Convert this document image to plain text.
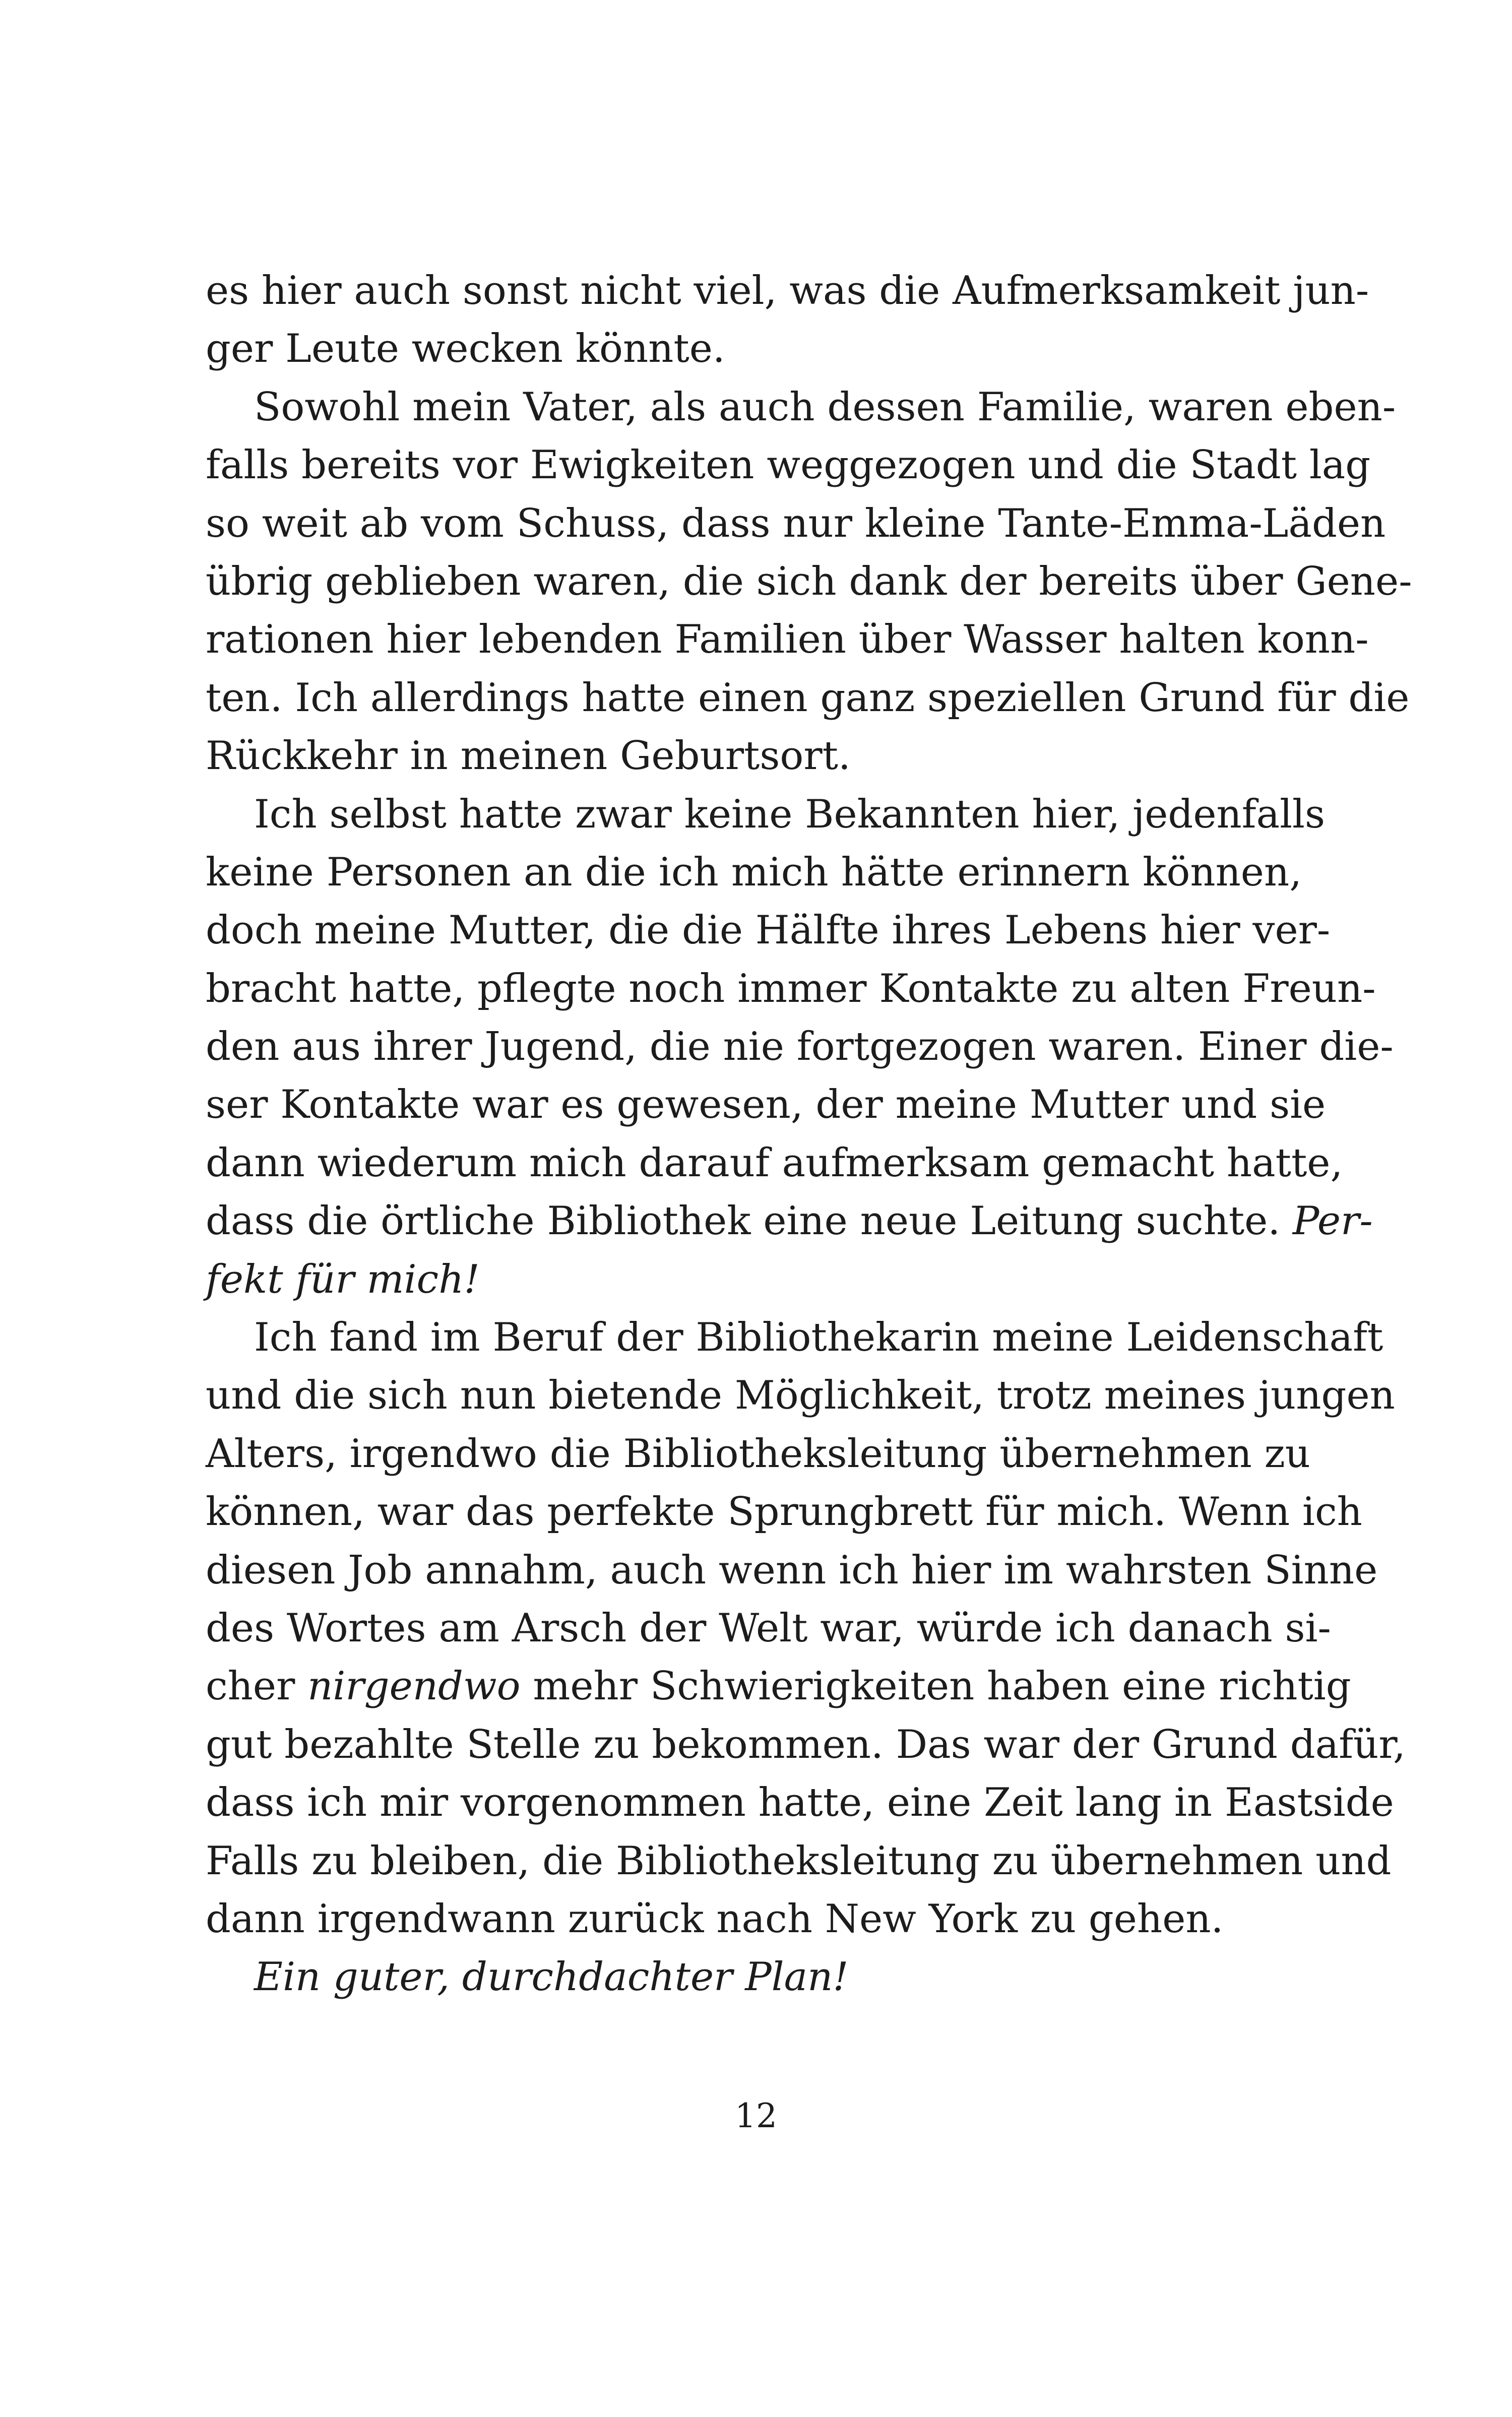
es hier auch sonst nicht viel, was die Aufmerksamkeit jun-
ger Leute wecken könnte.
Sowohl mein Vater, als auch dessen Familie, waren eben-
falls bereits vor Ewigkeiten weggezogen und die Stadt lag
so weit ab vom Schuss, dass nur kleine Tante-Emma-Läden
übrig geblieben waren, die sich dank der bereits über Gene-
rationen hier lebenden Familien über Wasser halten konn-
ten. Ich allerdings hatte einen ganz speziellen Grund für die
Rückkehr in meinen Geburtsort.
Ich selbst hatte zwar keine Bekannten hier, jedenfalls
keine Personen an die ich mich hätte erinnern können,
doch meine Mutter, die die Hälfte ihres Lebens hier ver-
bracht hatte, pflegte noch immer Kontakte zu alten Freun-
den aus ihrer Jugend, die nie fortgezogen waren. Einer die-
ser Kontakte war es gewesen, der meine Mutter und sie
dann wiederum mich darauf aufmerksam gemacht hatte,
dass die örtliche Bibliothek eine neue Leitung suchte. Per-
fekt für mich!
Ich fand im Beruf der Bibliothekarin meine Leidenschaft
und die sich nun bietende Möglichkeit, trotz meines jungen
Alters, irgendwo die Bibliotheksleitung übernehmen zu
können, war das perfekte Sprungbrett für mich. Wenn ich
diesen Job annahm, auch wenn ich hier im wahrsten Sinne
des Wortes am Arsch der Welt war, würde ich danach si-
cher nirgendwo mehr Schwierigkeiten haben eine richtig
gut bezahlte Stelle zu bekommen. Das war der Grund dafür,
dass ich mir vorgenommen hatte, eine Zeit lang in Eastside
Falls zu bleiben, die Bibliotheksleitung zu übernehmen und
dann irgendwann zurück nach New York zu gehen.
Ein guter, durchdachter Plan!
12
